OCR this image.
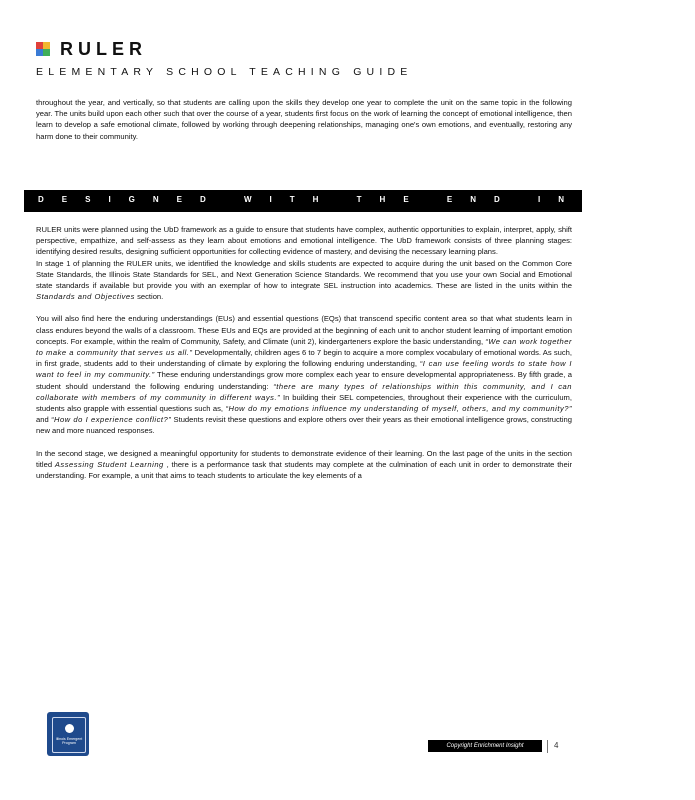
RULER
ELEMENTARY SCHOOL TEACHING GUIDE

throughout the year, and vertically, so that students are calling upon the skills they develop one year to complete the unit on the same topic in the following year. The units build upon each other such that over the course of a year, students first focus on the work of learning the concept of emotional intelligence, then learn to develop a safe emotional climate, followed by working through deepening relationships, managing one's own emotions, and eventually, restoring any harm done to their community.

DESIGNED WITH THE END IN MIND

RULER units were planned using the UbD framework as a guide to ensure that students have complex, authentic opportunities to explain, interpret, apply, shift perspective, empathize, and self-assess as they learn about emotions and emotional intelligence. The UbD framework consists of three planning stages: identifying desired results, designing sufficient opportunities for collecting evidence of mastery, and devising the necessary learning plans.

In stage 1 of planning the RULER units, we identified the knowledge and skills students are expected to acquire during the unit based on the Common Core State Standards, the Illinois State Standards for SEL, and Next Generation Science Standards. We recommend that you use your own Social and Emotional state standards if available but provide you with an exemplar of how to integrate SEL instruction into academics. These are listed in the units within the Standards and Objectives section.

You will also find here the enduring understandings (EUs) and essential questions (EQs) that transcend specific content area so that what students learn in class endures beyond the walls of a classroom. These EUs and EQs are provided at the beginning of each unit to anchor student learning of important emotion concepts. For example, within the realm of Community, Safety, and Climate (unit 2), kindergarteners explore the basic understanding, “We can work together to make a community that serves us all.” Developmentally, children ages 6 to 7 begin to acquire a more complex vocabulary of emotional words. As such, in first grade, students add to their understanding of climate by exploring the following enduring understanding, “I can use feeling words to state how I want to feel in my community.” These enduring understandings grow more complex each year to ensure developmental appropriateness. By fifth grade, a student should understand the following enduring understanding: “there are many types of relationships within this community, and I can collaborate with members of my community in different ways.” In building their SEL competencies, throughout their experience with the curriculum, students also grapple with essential questions such as, “How do my emotions influence my understanding of myself, others, and my community?” and “How do I experience conflict?” Students revisit these questions and explore others over their years as their emotional intelligence grows, constructing new and more nuanced responses.

In the second stage, we designed a meaningful opportunity for students to demonstrate evidence of their learning. On the last page of the units in the section titled Assessing Student Learning , there is a performance task that students may complete at the culmination of each unit in order to demonstrate their understanding. For example, a unit that aims to teach students to articulate the key elements of a

Illinois Emergent Program	Copyright Enrichment Insight	4
